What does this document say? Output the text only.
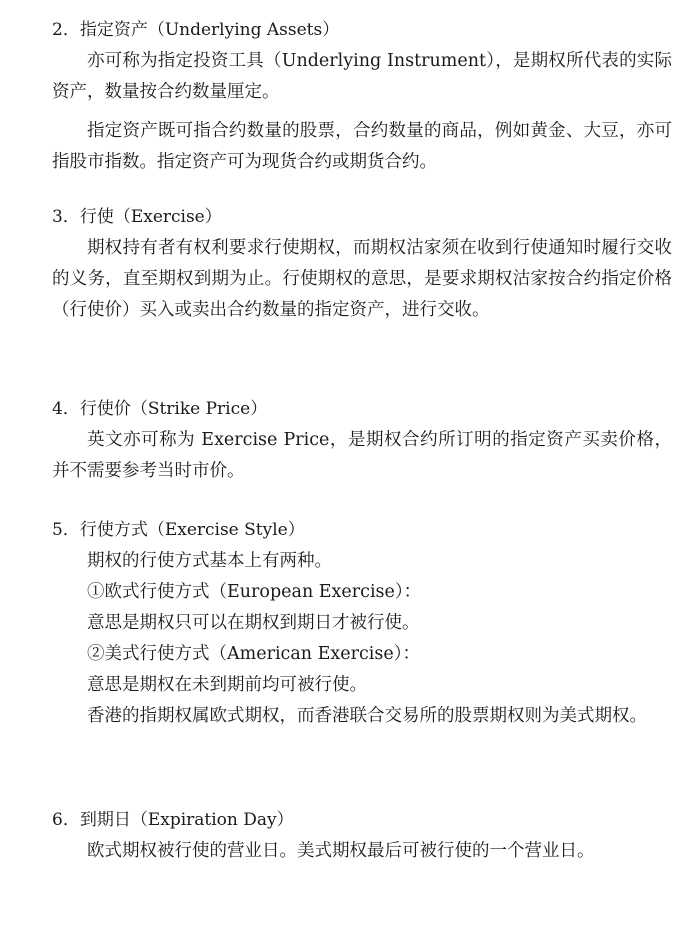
2．指定资产（Underlying Assets）

亦可称为指定投资工具（Underlying Instrument），是期权所代表的实际资产，数量按合约数量厘定。

指定资产既可指合约数量的股票，合约数量的商品，例如黄金、大豆，亦可指股市指数。指定资产可为现货合约或期货合约。

3．行使（Exercise）

期权持有者有权利要求行使期权，而期权沽家须在收到行使通知时履行交收的义务，直至期权到期为止。行使期权的意思，是要求期权沽家按合约指定价格（行使价）买入或卖出合约数量的指定资产，进行交收。

4．行使价（Strike Price）

英文亦可称为 Exercise Price，是期权合约所订明的指定资产买卖价格，并不需要参考当时市价。

5．行使方式（Exercise Style）

期权的行使方式基本上有两种。

①欧式行使方式（European Exercise）：

意思是期权只可以在期权到期日才被行使。

②美式行使方式（American Exercise）：

意思是期权在未到期前均可被行使。

香港的指期权属欧式期权，而香港联合交易所的股票期权则为美式期权。

6．到期日（Expiration Day）

欧式期权被行使的营业日。美式期权最后可被行使的一个营业日。
